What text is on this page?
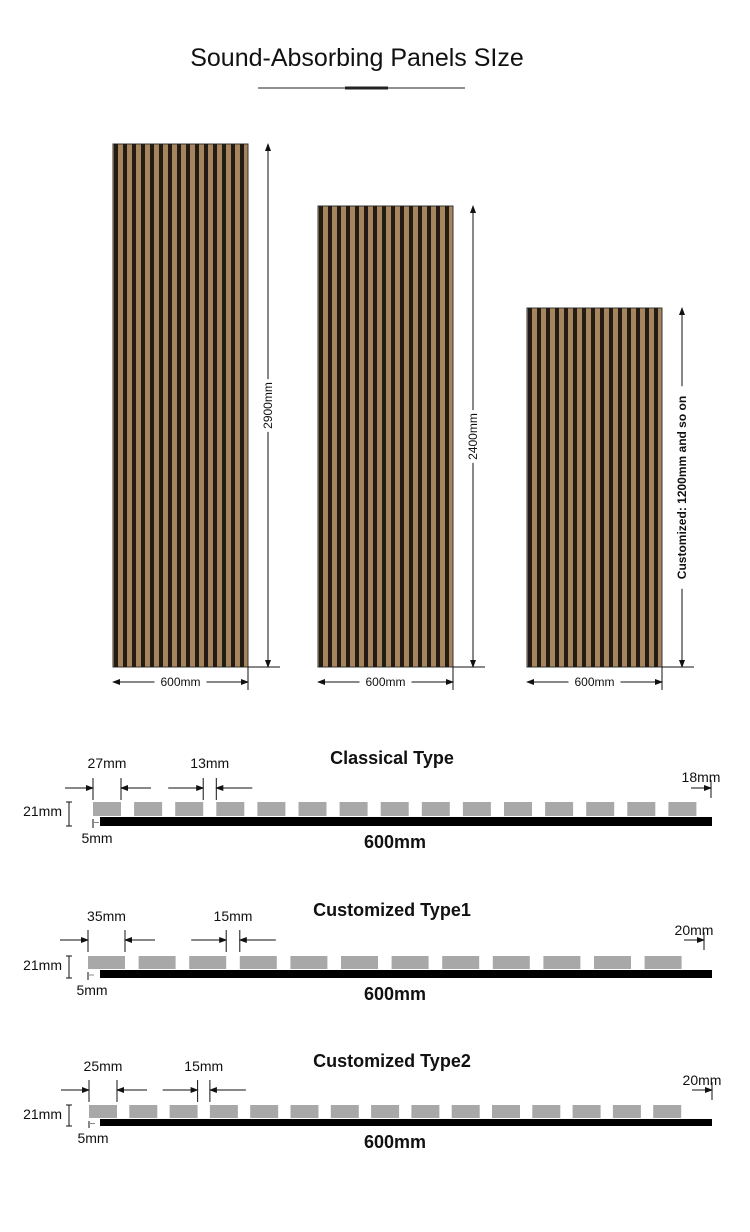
Sound-Absorbing Panels SIze
2900mm
600mm
2400mm
600mm
Customized: 1200mm and so on
600mm
Classical Type
27mm	13mm
18mm
21mm
5mm	600mm
Customized Type1
35mm	15mm
20mm
21mm
5mm	600mm
Customized Type2
25mm	15mm
20mm
21mm
5mm	600mm
